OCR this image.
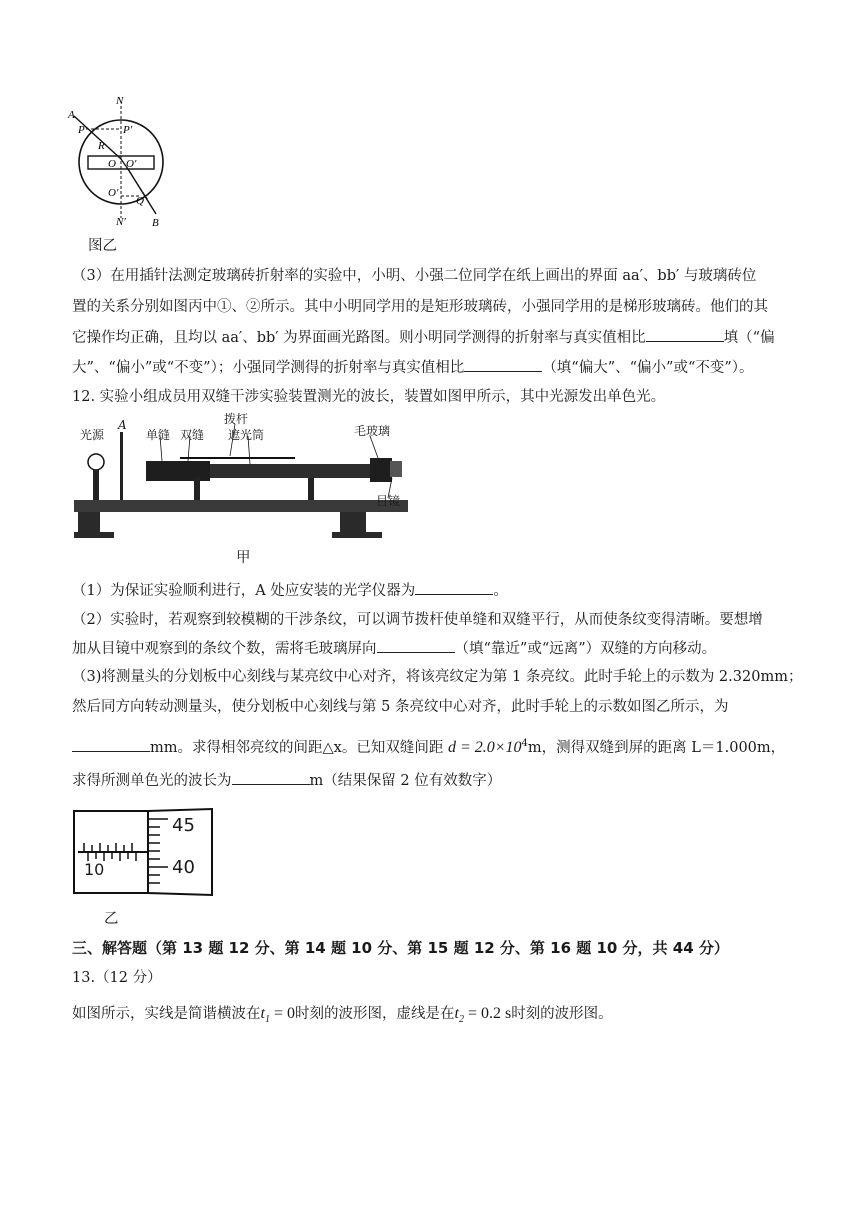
N
A
P	P′
R
O O′
O′
Q
N′ B
图乙
（3）在用插针法测定玻璃砖折射率的实验中，小明、小强二位同学在纸上画出的界面 aa′、bb′ 与玻璃砖位
置的关系分别如图丙中①、②所示。其中小明同学用的是矩形玻璃砖，小强同学用的是梯形玻璃砖。他们的其
它操作均正确，且均以 aa′、bb′ 为界面画光路图。则小明同学测得的折射率与真实值相比	填（“偏
大”、“偏小”或“不变”）；小强同学测得的折射率与真实值相比	（填“偏大”、“偏小”或“不变”）。
12. 实验小组成员用双缝干涉实验装置测光的波长，装置如图甲所示，其中光源发出单色光。
光源
A
单缝 双缝
拨杆
遮光筒	毛玻璃
目镜
甲
（1）为保证实验顺利进行，A 处应安装的光学仪器为	。
（2）实验时，若观察到较模糊的干涉条纹，可以调节拨杆使单缝和双缝平行，从而使条纹变得清晰。要想增
加从目镜中观察到的条纹个数，需将毛玻璃屏向	（填“靠近”或“远离”）双缝的方向移动。
（3)将测量头的分划板中心刻线与某亮纹中心对齐，将该亮纹定为第 1 条亮纹。此时手轮上的示数为 2.320mm；
然后同方向转动测量头，使分划板中心刻线与第 5 条亮纹中心对齐，此时手轮上的示数如图乙所示，为
mm。求得相邻亮纹的间距△x。已知双缝间距 $d = 2.0\times 10^4m$，测得双缝到屏的距离 L＝1.000m，
求得所测单色光的波长为	m（结果保留 2 位有效数字）
10
45
40
乙
三、解答题（第 13 题 12 分、第 14 题 10 分、第 15 题 12 分、第 16 题 10 分，共 44 分）
13.（12 分）
如图所示，实线是简谐横波在$t_1 = 0$时刻的波形图，虚线是在$t_2 = 0.2$ s时刻的波形图。
